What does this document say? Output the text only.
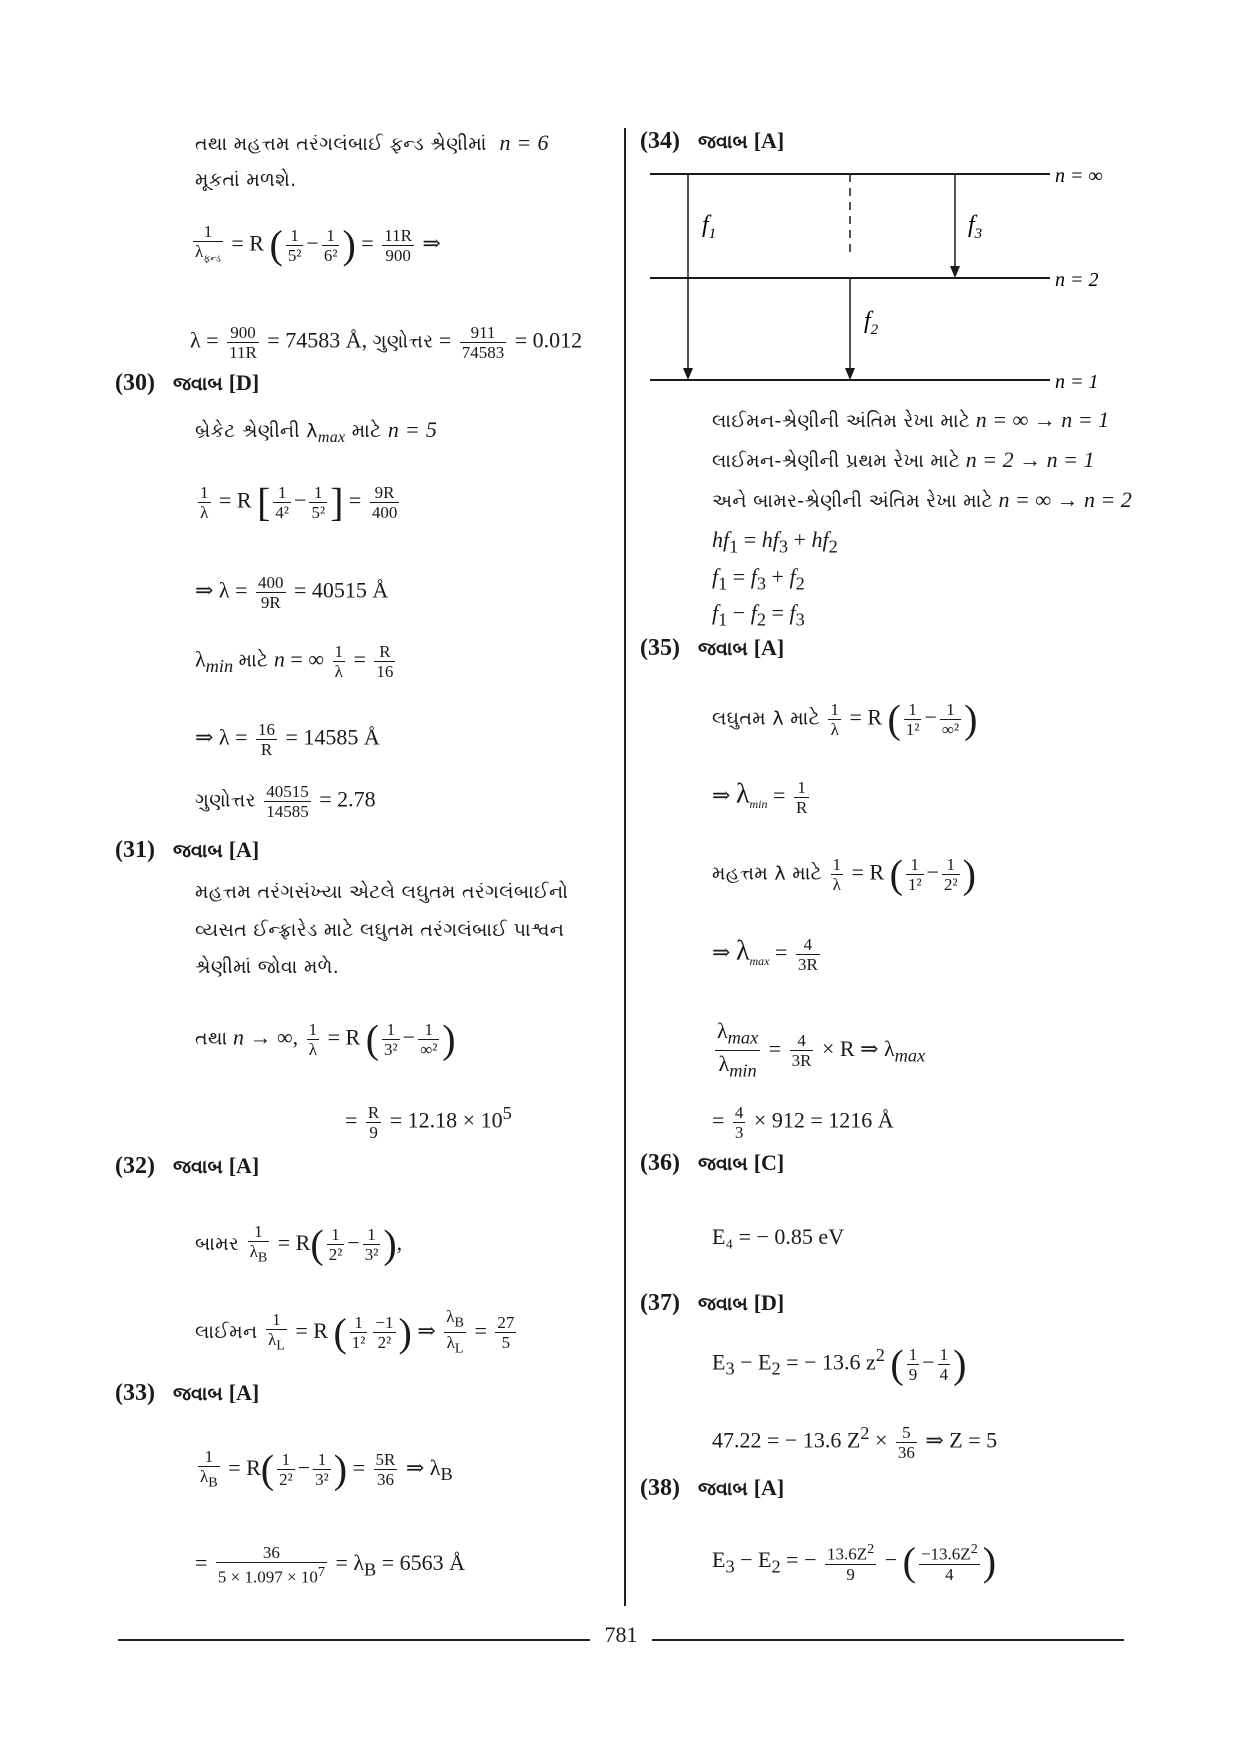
તથા મહત્તમ તરંગલંબાઈ ફન્ડ શ્રેણીમાં n = 6
મૂકતાં મળશે.
$\frac{1}{\lambda_{ફન્ડ}} = R$ ( $\frac{1}{\text{5²}} - \frac{1}{\text{6²}}$ ) = $\frac{11R}{900}$ ⇒
$\lambda = \frac{900}{11R} = 74583$ Å, ગુણોત્તર = $\frac{911}{74583} = 0.012$
(30) જવાબ [D]
બ્રેકેટ શ્રેણીની $\lambda_{max}$ માટે n = 5
$\frac{1}{\lambda} = R$ [ $\frac{1}{\text{4²}} - \frac{1}{\text{5²}}$ ] = $\frac{9R}{400}$
⇒ $\lambda = \frac{400}{9R} = 40515$ Å
$\lambda_{min}$ માટે n = ∞ $\frac{1}{\lambda} = \frac{R}{16}$
⇒ $\lambda = \frac{16}{R} = 14585$ Å
ગુણોત્તર $\frac{40515}{14585} = 2.78$
(31) જવાબ [A]
મહત્તમ તરંગસંખ્યા એટલે લઘુતમ તરંગલંબાઈનો
વ્યસત ઈન્ફ્રારેડ માટે લઘુતમ તરંગલંબાઈ પાશ્વન
શ્રેણીમાં જોવા મળે.
તથા n → ∞, $\frac{1}{\lambda} = R$ ( $\frac{1}{\text{3²}} - \frac{1}{\text{∞²}}$ )
= $\frac{R}{9} = 12.18 \times 10^5$
(32) જવાબ [A]
બામર $\frac{1}{\lambda_B} = R( \frac{1}{\text{2²}} - \frac{1}{\text{3²}}$ ),
લાઈમન $\frac{1}{\lambda_L} = R$ ( $\frac{1}{\text{1²}} \frac{-1}{\text{2²}}$ ) ⇒ $\frac{\lambda_B}{\lambda_L} = \frac{27}{5}$
(33) જવાબ [A]
$\frac{1}{\lambda_B} = R( \frac{1}{\text{2²}} - \frac{1}{\text{3²}}$ ) = $\frac{5R}{36}$ ⇒ $\lambda_B$
= $\frac{36}{5 \times 1.097 \times 10^7} = \lambda_B = 6563$ Å
(34) જવાબ [A]
$f_1$
$f_2$
$f_3$
n = ∞
n = 2
n = 1
લાઈમન-શ્રેણીની અંતિમ રેખા માટે n = ∞ → n = 1
લાઈમન-શ્રેણીની પ્રથમ રેખા માટે n = 2 → n = 1
અને બામર-શ્રેણીની અંતિમ રેખા માટે n = ∞ → n = 2
$hf_1 = hf_3 + hf_2$
$f_1 = f_3 + f_2$
$f_1 - f_2 = f_3$
(35) જવાબ [A]
લઘુતમ λ માટે $\frac{1}{\lambda} = R$ ( $\frac{1}{\text{1²}} - \frac{1}{\text{∞²}}$ )
⇒ $\lambda_{min} = \frac{1}{R}$
મહત્તમ λ માટે $\frac{1}{\lambda} = R$ ( $\frac{1}{\text{1²}} - \frac{1}{\text{2²}}$ )
⇒ $\lambda_{max} = \frac{4}{3R}$
$\frac{\lambda_{max}}{\lambda_{min}} = \frac{4}{3R} \times R$ ⇒ $\lambda_{max}$
= $\frac{4}{3} \times 912 = 1216$ Å
(36) જવાબ [C]
E₄ = − 0.85 eV
(37) જવાબ [D]
$E_3 - E_2$ = − 13.6 $z^2$ ( $\frac{1}{9} - \frac{1}{4}$ )
47.22 = − 13.6 $Z^2 \times \frac{5}{36}$ ⇒ Z = 5
(38) જવાબ [A]
$E_3 - E_2$ = − $\frac{13.6Z^2}{9}$ − ( $\frac{-13.6Z^2}{4}$ )
781
